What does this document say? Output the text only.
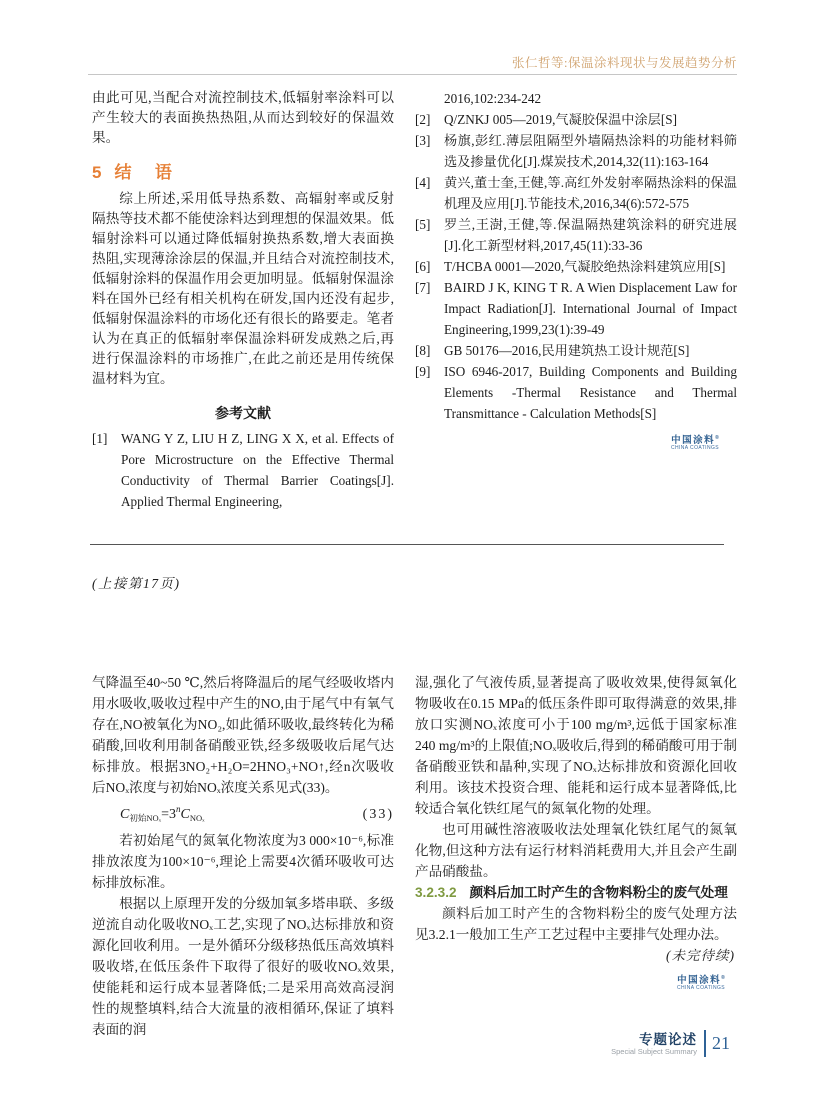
张仁哲等:保温涂料现状与发展趋势分析

由此可见,当配合对流控制技术,低辐射率涂料可以产生较大的表面换热热阻,从而达到较好的保温效果。

5 结 语

综上所述,采用低导热系数、高辐射率或反射隔热等技术都不能使涂料达到理想的保温效果。低辐射涂料可以通过降低辐射换热系数,增大表面换热阻,实现薄涂涂层的保温,并且结合对流控制技术,低辐射涂料的保温作用会更加明显。低辐射保温涂料在国外已经有相关机构在研发,国内还没有起步,低辐射保温涂料的市场化还有很长的路要走。笔者认为在真正的低辐射率保温涂料研发成熟之后,再进行保温涂料的市场推广,在此之前还是用传统保温材料为宜。

参考文献
[1]	WANG Y Z, LIU H Z, LING X X, et al. Effects of Pore Microstructure on the Effective Thermal Conductivity of Thermal Barrier Coatings[J]. Applied Thermal Engineering,
2016,102:234-242
[2]	Q/ZNKJ 005—2019,气凝胶保温中涂层[S]
[3]	杨旗,彭红.薄层阻隔型外墙隔热涂料的功能材料筛选及掺量优化[J].煤炭技术,2014,32(11):163-164
[4]	黄兴,董士奎,王健,等.高红外发射率隔热涂料的保温机理及应用[J].节能技术,2016,34(6):572-575
[5]	罗兰,王澍,王健,等.保温隔热建筑涂料的研究进展[J].化工新型材料,2017,45(11):33-36
[6]	T/HCBA 0001—2020,气凝胶绝热涂料建筑应用[S]
[7]	BAIRD J K, KING T R. A Wien Displacement Law for Impact Radiation[J]. International Journal of Impact Engineering,1999,23(1):39-49
[8]	GB 50176—2016,民用建筑热工设计规范[S]
[9]	ISO 6946-2017, Building Components and Building Elements -Thermal Resistance and Thermal Transmittance - Calculation Methods[S]
中国涂料®
CHINA COATINGS
(上接第17页)

气降温至40~50 ℃,然后将降温后的尾气经吸收塔内用水吸收,吸收过程中产生的NO,由于尾气中有氧气存在,NO被氧化为NO₂,如此循环吸收,最终转化为稀硝酸,回收利用制备硝酸亚铁,经多级吸收后尾气达标排放。根据3NO₂+H₂O=2HNO₃+NO↑,经n次吸收后NOₓ浓度与初始NOₓ浓度关系见式(33)。

$C_{初始NO_x}=3^nC_{NO_x}$	(33)

若初始尾气的氮氧化物浓度为3 000×10⁻⁶,标准排放浓度为100×10⁻⁶,理论上需要4次循环吸收可达标排放标准。

根据以上原理开发的分级加氧多塔串联、多级逆流自动化吸收NOₓ工艺,实现了NOₓ达标排放和资源化回收利用。一是外循环分级移热低压高效填料吸收塔,在低压条件下取得了很好的吸收NOₓ效果,使能耗和运行成本显著降低;二是采用高效高浸润性的规整填料,结合大流量的液相循环,保证了填料表面的润

湿,强化了气液传质,显著提高了吸收效果,使得氮氧化物吸收在0.15 MPa的低压条件即可取得满意的效果,排放口实测NOₓ浓度可小于100 mg/m³,远低于国家标准240 mg/m³的上限值;NOₓ吸收后,得到的稀硝酸可用于制备硝酸亚铁和晶种,实现了NOₓ达标排放和资源化回收利用。该技术投资合理、能耗和运行成本显著降低,比较适合氧化铁红尾气的氮氧化物的处理。

也可用碱性溶液吸收法处理氧化铁红尾气的氮氧化物,但这种方法有运行材料消耗费用大,并且会产生副产品硝酸盐。

3.2.3.2 颜料后加工时产生的含物料粉尘的废气处理

颜料后加工时产生的含物料粉尘的废气处理方法见3.2.1一般加工生产工艺过程中主要排气处理办法。

(未完待续)
中国涂料®
CHINA COATINGS
专题论述
Special Subject Summary 21
